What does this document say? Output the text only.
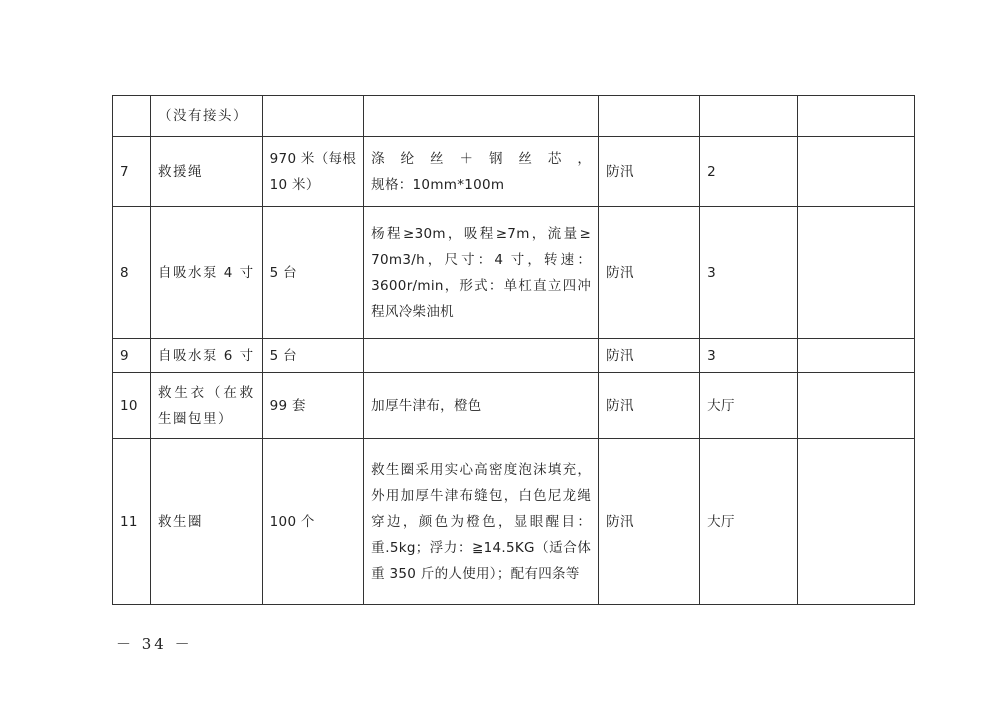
	（没有接头）					

7	救援绳	970 米（每根
10 米）	涤纶丝＋钢丝芯，
规格：10mm*100m	防汛	2	
8	自吸水泵 4 寸	5 台	杨程≥30m，吸程≥7m，流量≥
70m3/h，尺寸：4 寸，转速：
3600r/min，形式：单杠直立四冲
程风冷柴油机	防汛	3	
9	自吸水泵 6 寸	5 台		防汛	3	
10	救生衣（在救
生圈包里）	99 套	加厚牛津布，橙色	防汛	大厅	
11	救生圈	100 个	救生圈采用实心高密度泡沫填充，
外用加厚牛津布缝包，白色尼龙绳
穿边，颜色为橙色，显眼醒目：
重.5kg；浮力：≧14.5KG（适合体
重 350 斤的人使用）；配有四条等	防汛	大厅	
－ 34 －
